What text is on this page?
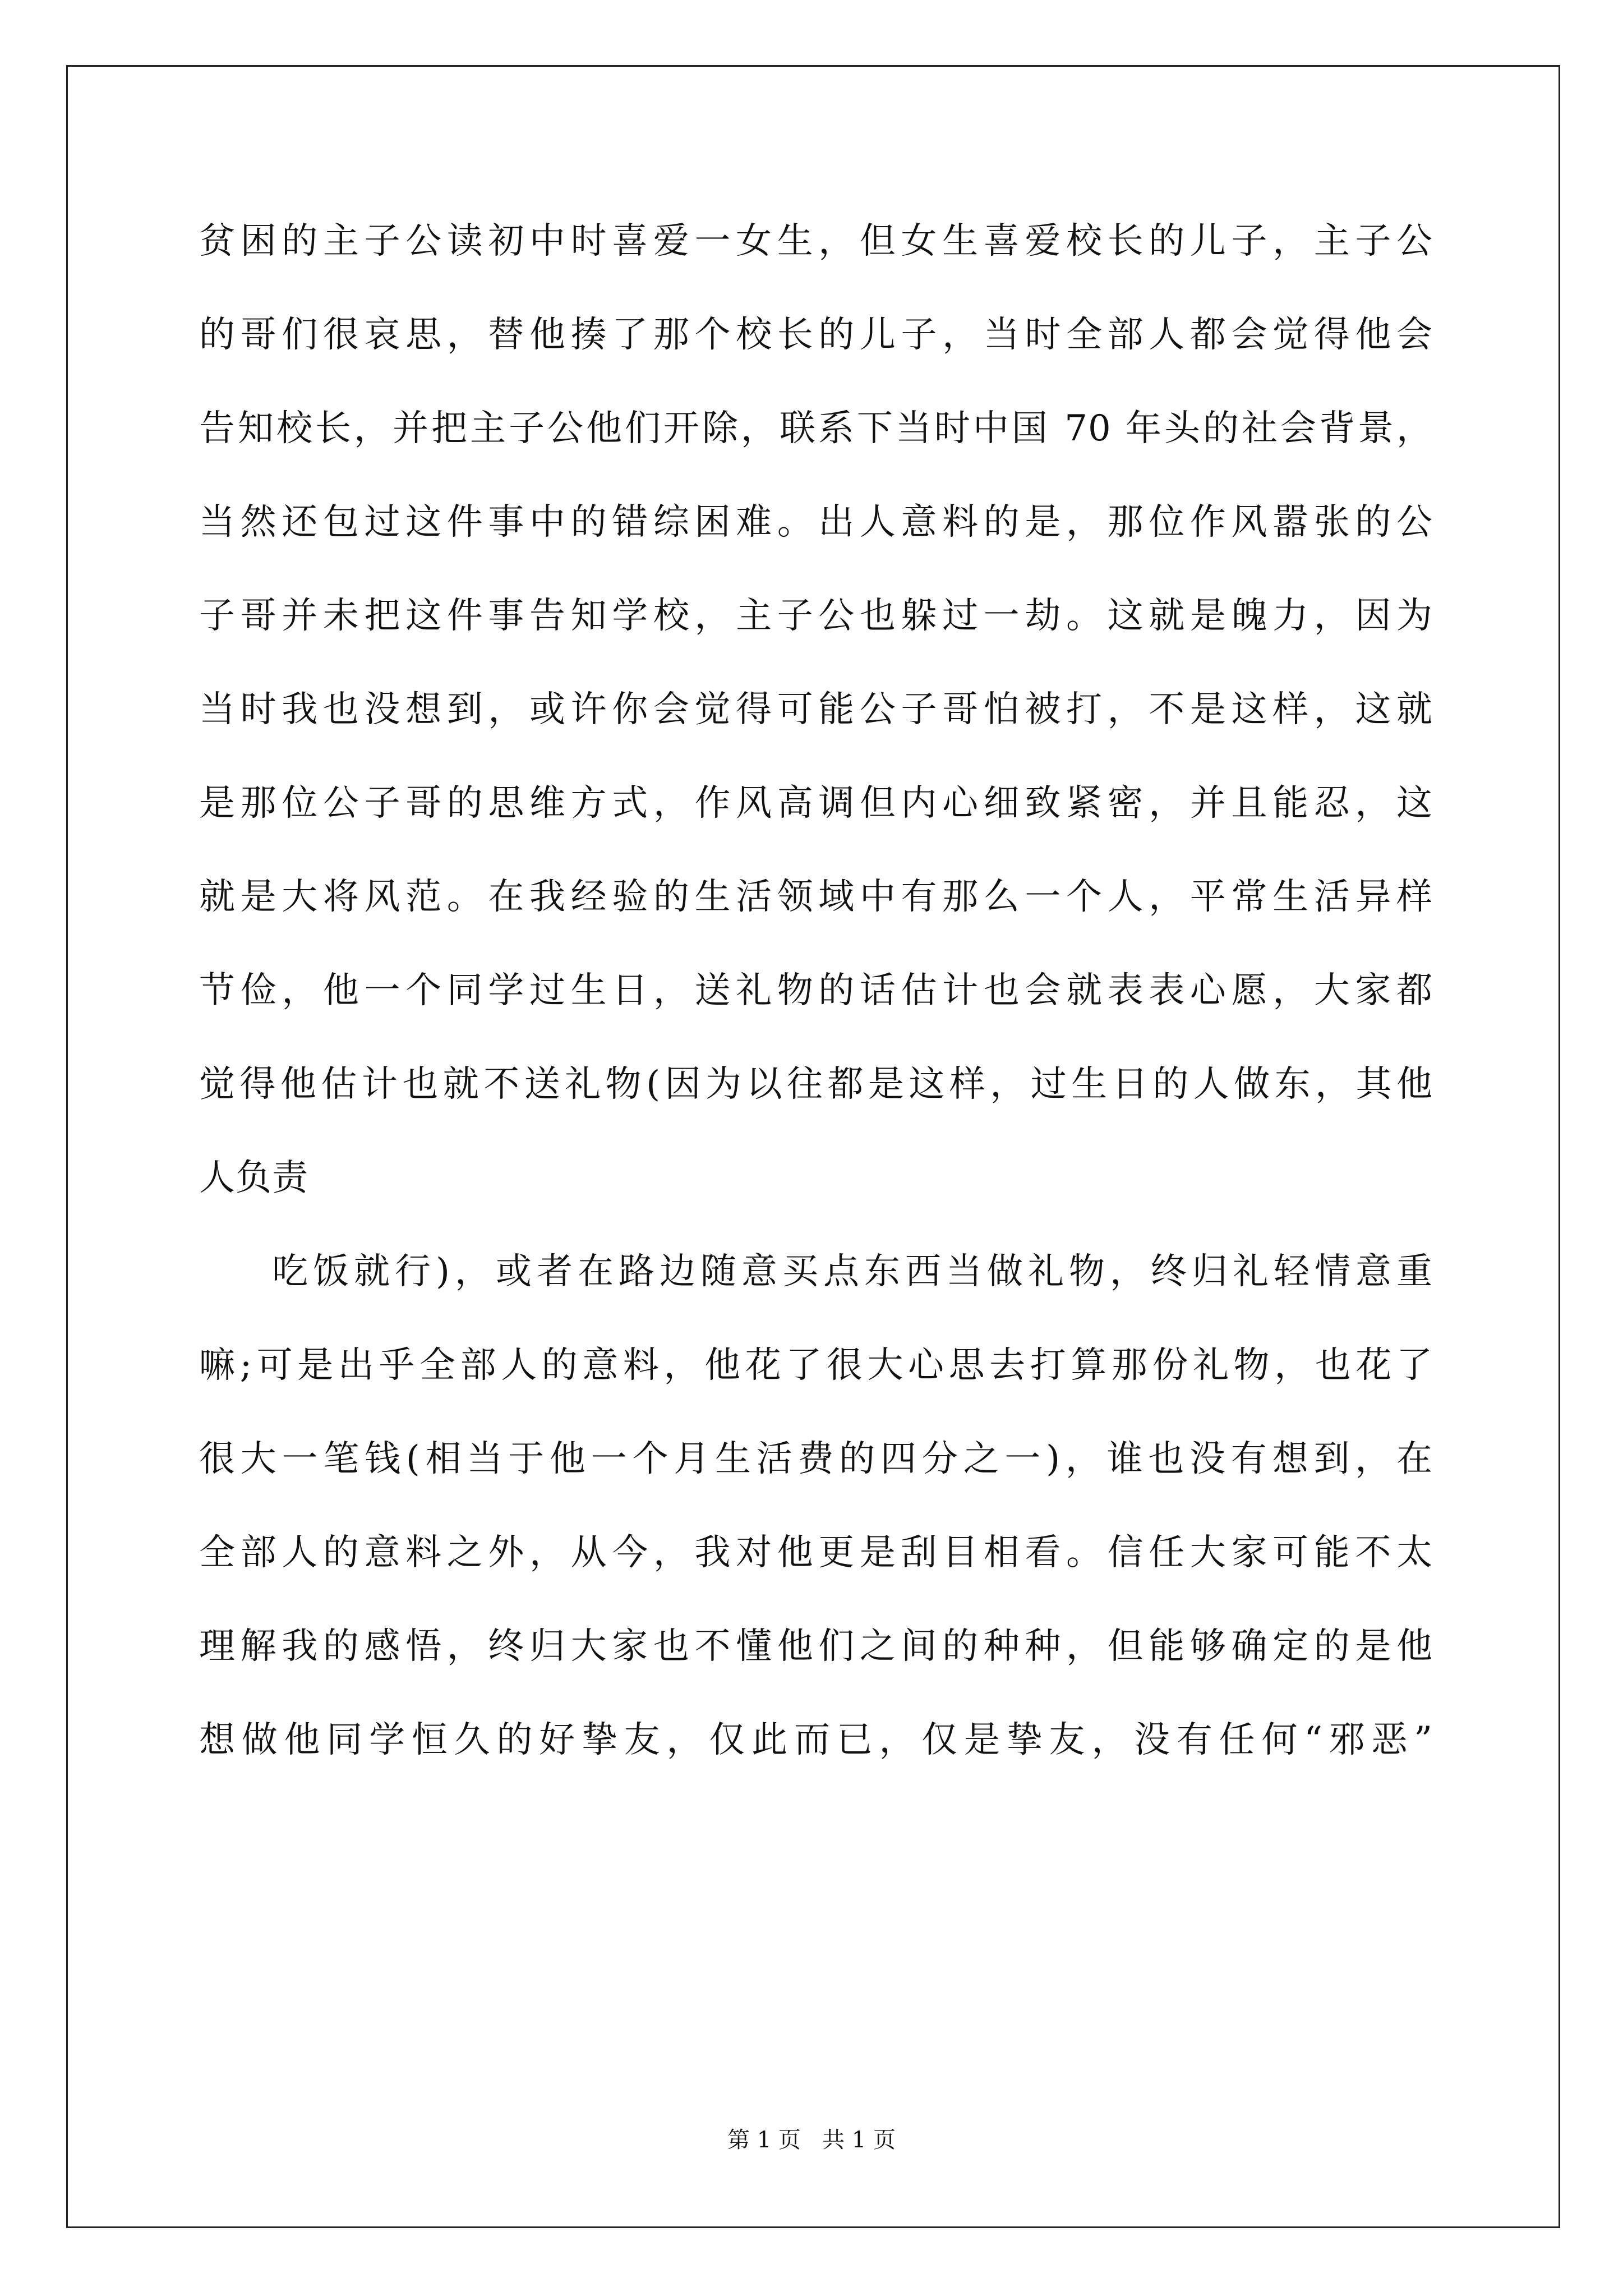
贫困的主子公读初中时喜爱一女生，但女生喜爱校长的儿子，主子公
的哥们很哀思，替他揍了那个校长的儿子，当时全部人都会觉得他会
告知校长，并把主子公他们开除，联系下当时中国 70 年头的社会背景，
当然还包过这件事中的错综困难。出人意料的是，那位作风嚣张的公
子哥并未把这件事告知学校，主子公也躲过一劫。这就是魄力，因为
当时我也没想到，或许你会觉得可能公子哥怕被打，不是这样，这就
是那位公子哥的思维方式，作风高调但内心细致紧密，并且能忍，这
就是大将风范。在我经验的生活领域中有那么一个人，平常生活异样
节俭，他一个同学过生日，送礼物的话估计也会就表表心愿，大家都
觉得他估计也就不送礼物(因为以往都是这样，过生日的人做东，其他
人负责
吃饭就行)，或者在路边随意买点东西当做礼物，终归礼轻情意重
嘛;可是出乎全部人的意料，他花了很大心思去打算那份礼物，也花了
很大一笔钱(相当于他一个月生活费的四分之一)，谁也没有想到，在
全部人的意料之外，从今，我对他更是刮目相看。信任大家可能不太
理解我的感悟，终归大家也不懂他们之间的种种，但能够确定的是他
想做他同学恒久的好挚友，仅此而已，仅是挚友，没有任何“邪恶”
第 1 页   共 1 页
